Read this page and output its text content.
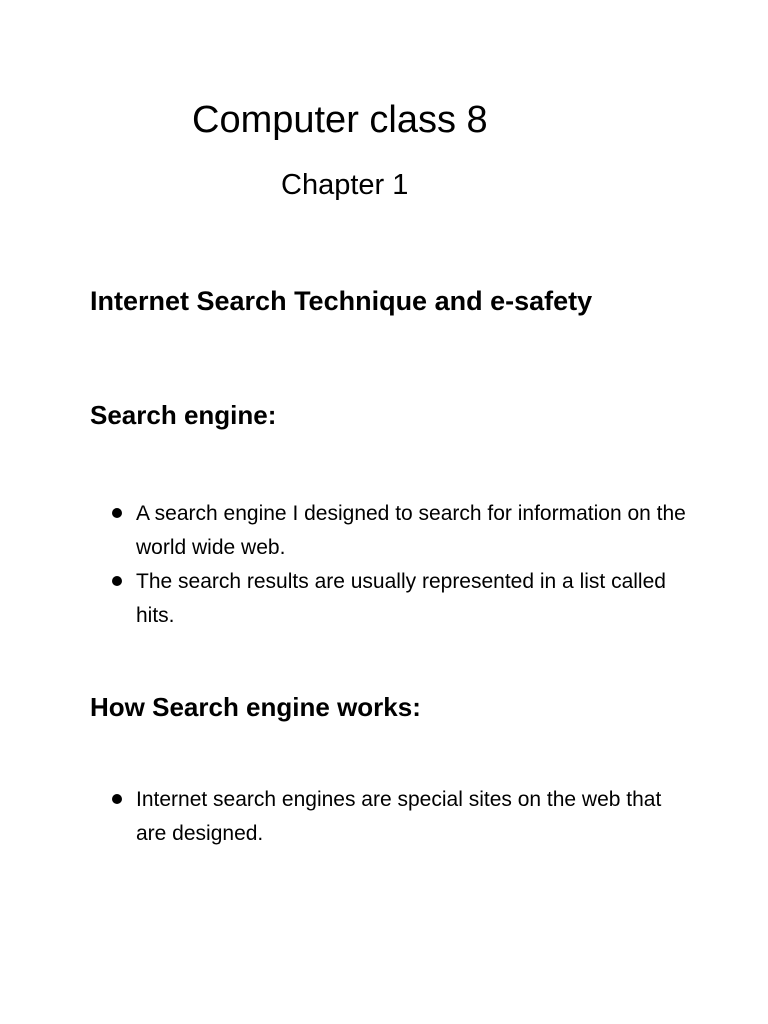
Computer class 8
Chapter 1
Internet Search Technique and e-safety
Search engine:
A search engine I designed to search for information on the world wide web.
The search results are usually represented in a list called hits.
How Search engine works:
Internet search engines are special sites on the web that are designed.
